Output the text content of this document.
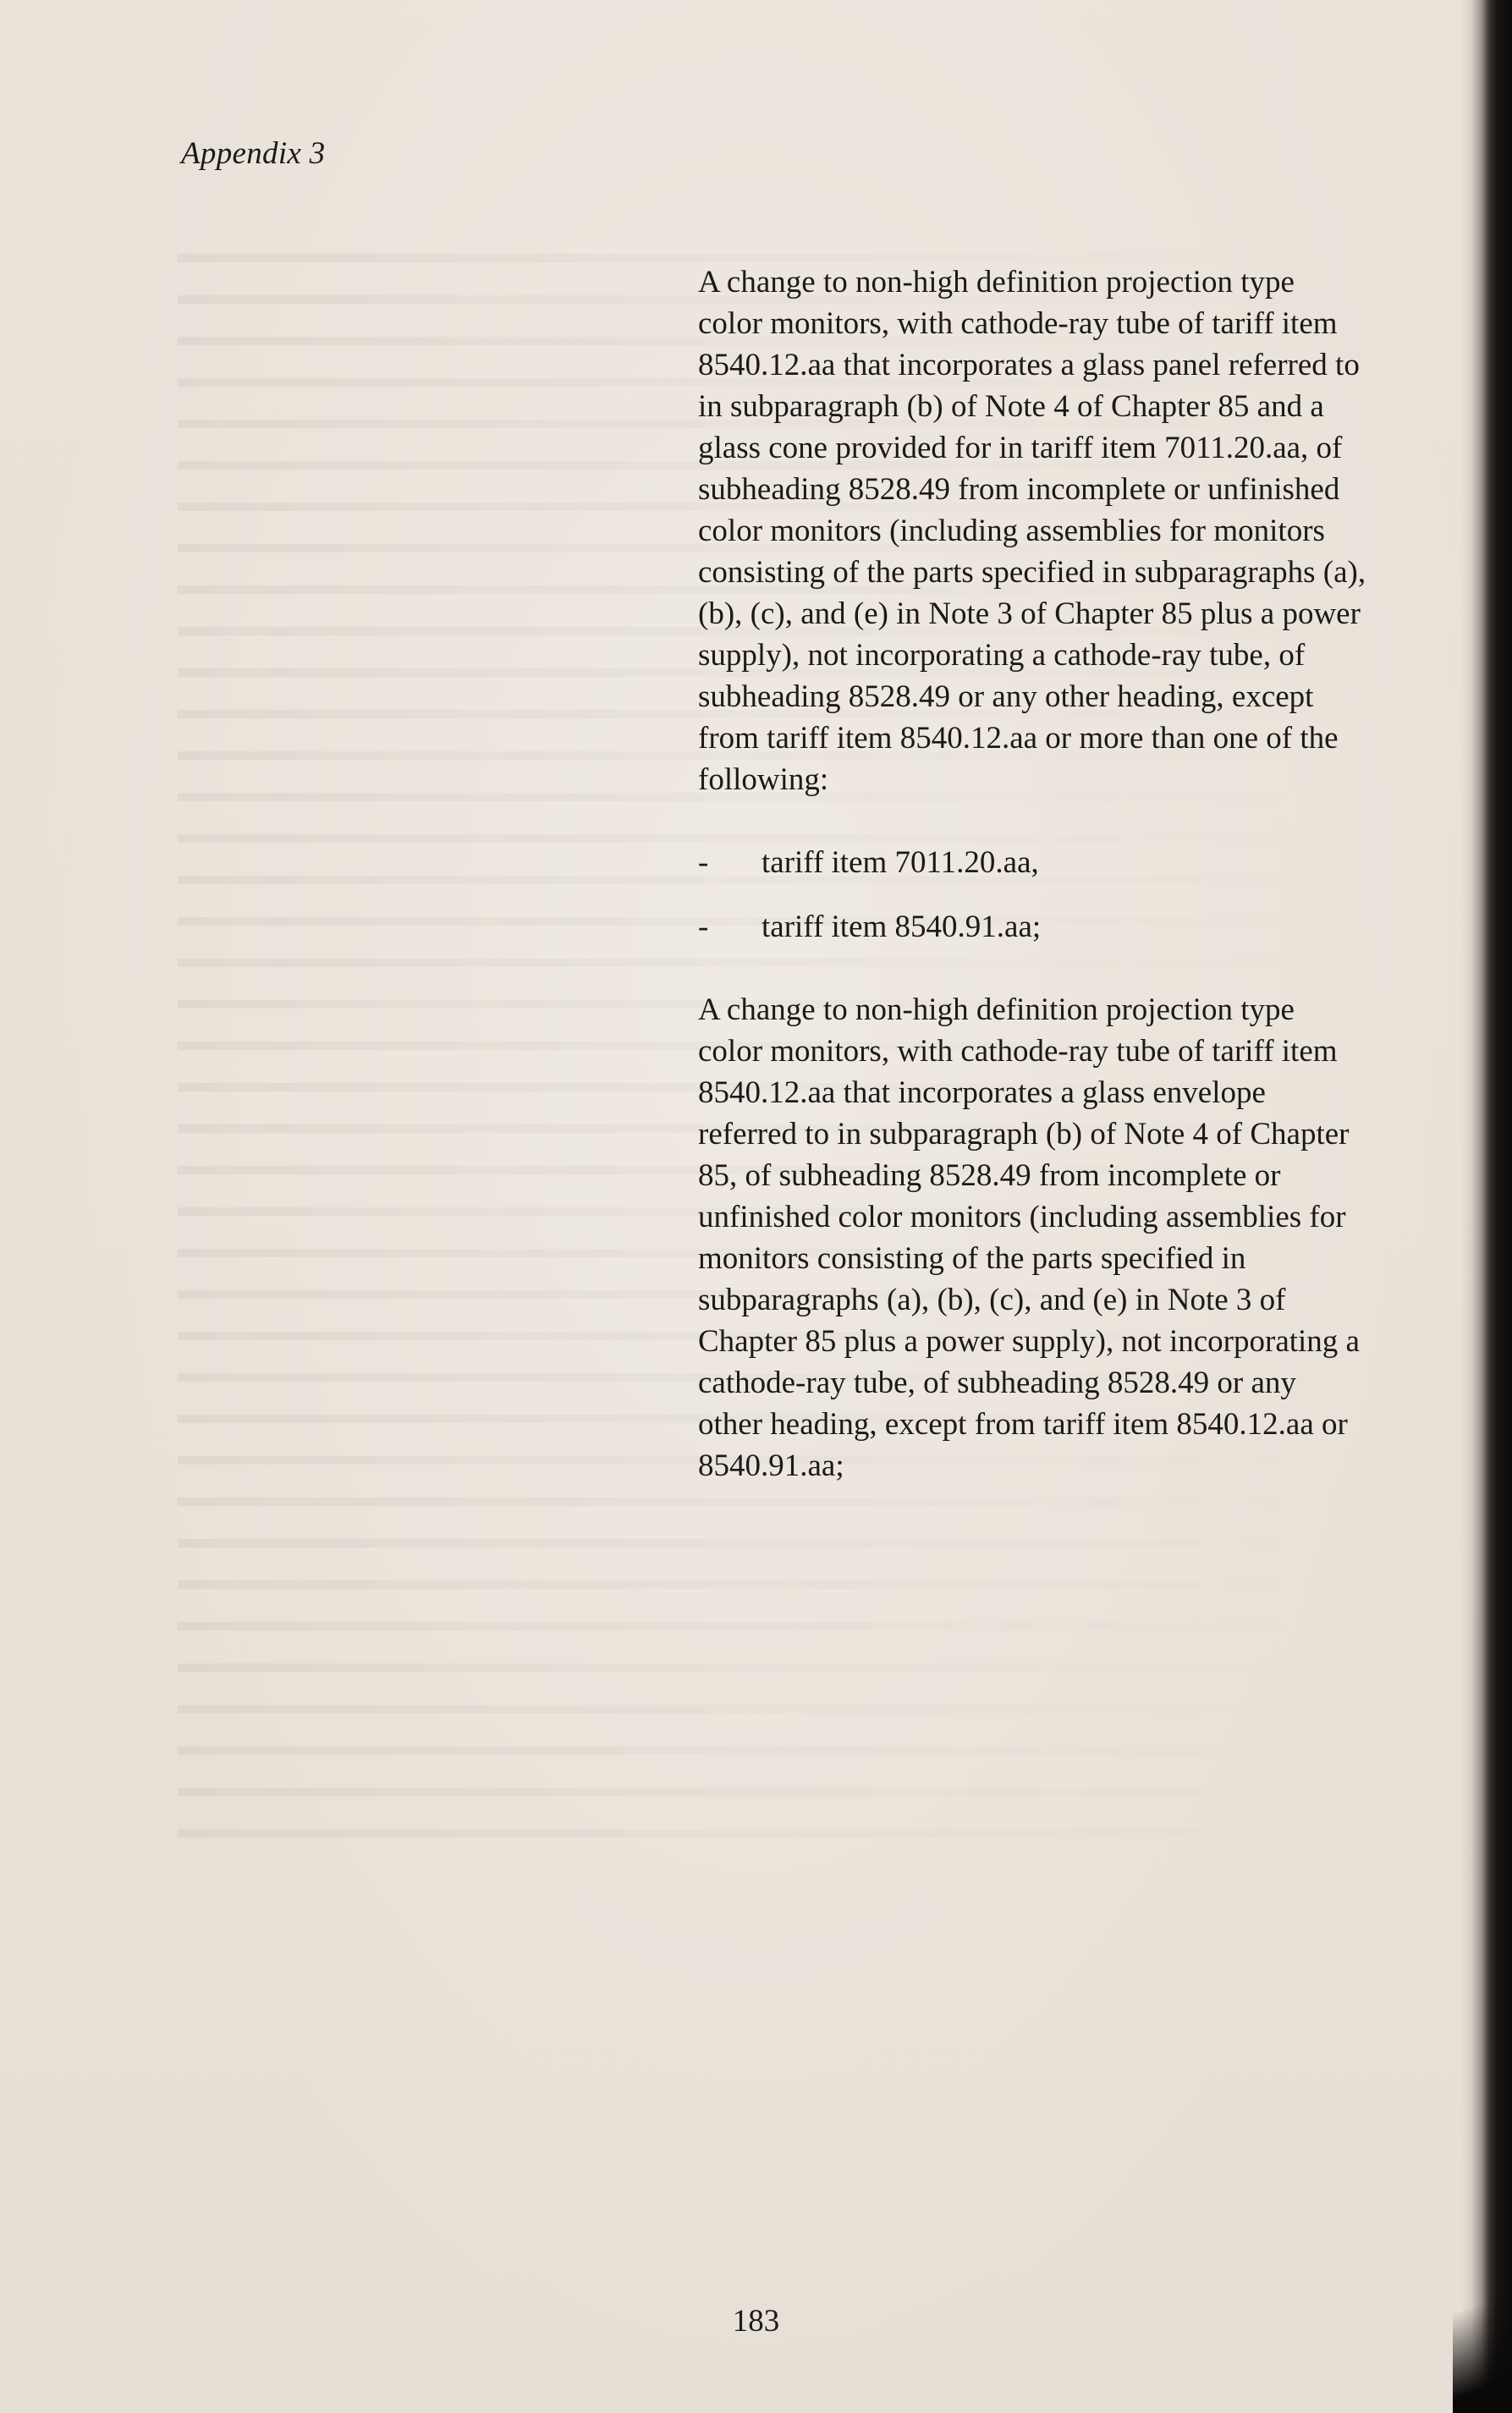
Appendix 3

A change to non-high definition projection type color monitors, with cathode-ray tube of tariff item 8540.12.aa that incorporates a glass panel referred to in subparagraph (b) of Note 4 of Chapter 85 and a glass cone provided for in tariff item 7011.20.aa, of subheading 8528.49 from incomplete or unfinished color monitors (including assemblies for monitors consisting of the parts specified in subparagraphs (a), (b), (c), and (e) in Note 3 of Chapter 85 plus a power supply), not incorporating a cathode-ray tube, of subheading 8528.49 or any other heading, except from tariff item 8540.12.aa or more than one of the following:

- tariff item 7011.20.aa,
- tariff item 8540.91.aa;

A change to non-high definition projection type color monitors, with cathode-ray tube of tariff item 8540.12.aa that incorporates a glass envelope referred to in subparagraph (b) of Note 4 of Chapter 85, of subheading 8528.49 from incomplete or unfinished color monitors (including assemblies for monitors consisting of the parts specified in subparagraphs (a), (b), (c), and (e) in Note 3 of Chapter 85 plus a power supply), not incorporating a cathode-ray tube, of subheading 8528.49 or any other heading, except from tariff item 8540.12.aa or 8540.91.aa;

183
